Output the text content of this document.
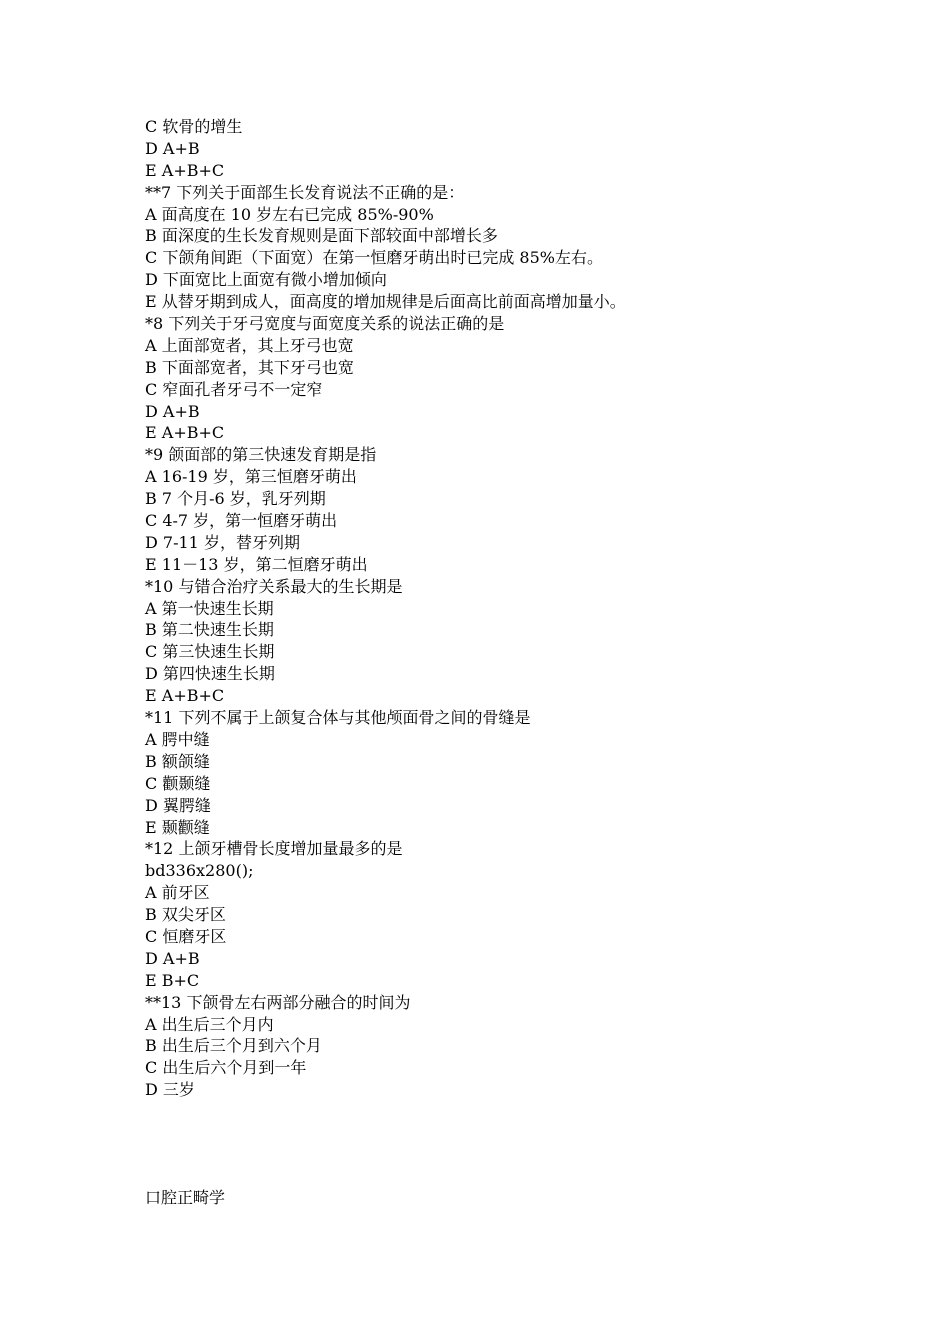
C 软骨的增生
D A+B
E A+B+C
**7 下列关于面部生长发育说法不正确的是：
A 面高度在 10 岁左右已完成 85%-90%
B 面深度的生长发育规则是面下部较面中部增长多
C 下颌角间距（下面宽）在第一恒磨牙萌出时已完成 85%左右。
D 下面宽比上面宽有微小增加倾向
E 从替牙期到成人，面高度的增加规律是后面高比前面高增加量小。
*8 下列关于牙弓宽度与面宽度关系的说法正确的是
A 上面部宽者，其上牙弓也宽
B 下面部宽者，其下牙弓也宽
C 窄面孔者牙弓不一定窄
D A+B
E A+B+C
*9 颌面部的第三快速发育期是指
A 16-19 岁，第三恒磨牙萌出
B 7 个月-6 岁，乳牙列期
C 4-7 岁，第一恒磨牙萌出
D 7-11 岁，替牙列期
E 11－13 岁，第二恒磨牙萌出
*10 与错合治疗关系最大的生长期是
A 第一快速生长期
B 第二快速生长期
C 第三快速生长期
D 第四快速生长期
E A+B+C
*11 下列不属于上颌复合体与其他颅面骨之间的骨缝是
A 腭中缝
B 额颌缝
C 颧颞缝
D 翼腭缝
E 颞颧缝
*12 上颌牙槽骨长度增加量最多的是
bd336x280();
A 前牙区
B 双尖牙区
C 恒磨牙区
D A+B
E B+C
**13 下颌骨左右两部分融合的时间为
A 出生后三个月内
B 出生后三个月到六个月
C 出生后六个月到一年
D 三岁
口腔正畸学
